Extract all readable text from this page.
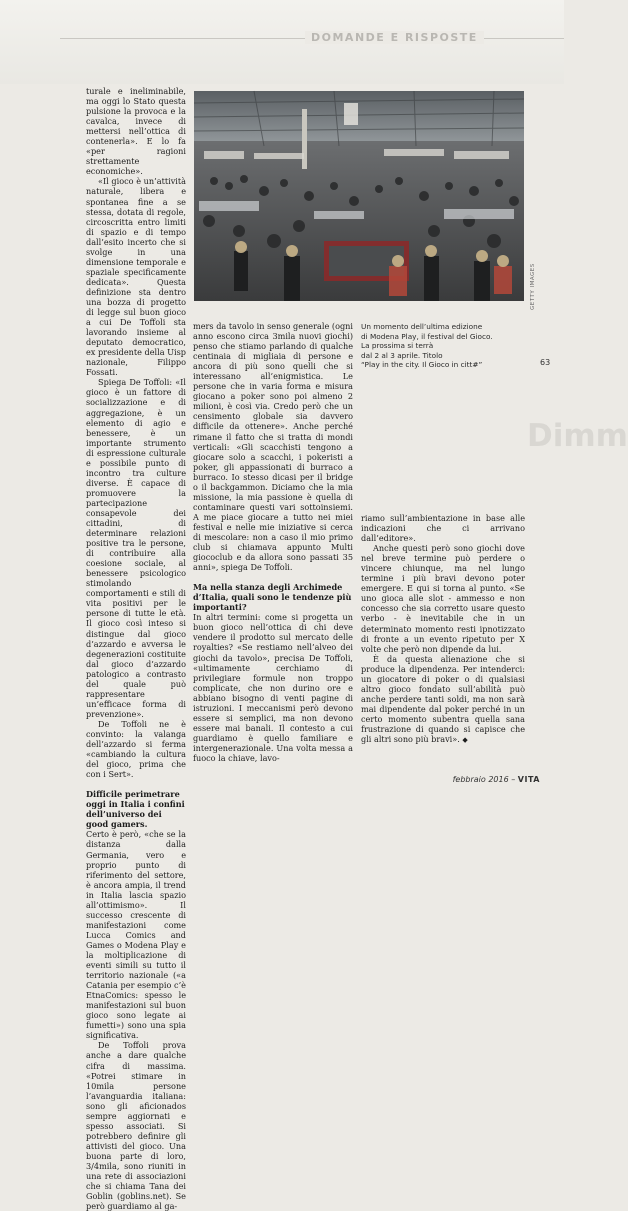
DOMANDE E RISPOSTE

turale e ineliminabile, ma oggi lo Stato questa pulsione la provoca e la cavalca, invece di mettersi nell’ottica di contenerla». E lo fa «per ragioni strettamente economiche».

«Il gioco è un’attività naturale, libera e spontanea fine a se stessa, dotata di regole, circoscritta entro limiti di spazio e di tempo dall’esito incerto che si svolge in una dimensione temporale e spaziale specificamente dedicata». Questa definizione sta dentro una bozza di progetto di legge sul buon gioco a cui De Toffoli sta lavorando insieme al deputato democratico, ex presidente della Uisp nazionale, Filippo Fossati.

Spiega De Toffoli: «Il gioco è un fattore di socializzazione e di aggregazione, è un elemento di agio e benessere, è un importante strumento di espressione culturale e possibile punto di incontro tra culture diverse. È capace di promuovere la partecipazione consapevole dei cittadini, di determinare relazioni positive tra le persone, di contribuire alla coesione sociale, al benessere psicologico stimolando comportamenti e stili di vita positivi per le persone di tutte le età. Il gioco così inteso si distingue dal gioco d’azzardo e avversa le degenerazioni costituite dal gioco d’azzardo patologico a contrasto del quale può rappresentare un’efficace forma di prevenzione».

De Toffoli ne è convinto: la valanga dell’azzardo si ferma «cambiando la cultura del gioco, prima che con i Sert».

Difficile perimetrare oggi in Italia i confini dell’universo dei good gamers.

Certo è però, «che se la distanza dalla Germania, vero e proprio punto di riferimento del settore, è ancora ampia, il trend in Italia lascia spazio all’ottimismo». Il successo crescente di manifestazioni come Lucca Comics and Games o Modena Play e la moltiplicazione di eventi simili su tutto il territorio nazionale («a Catania per esempio c’è EtnaComics: spesso le manifestazioni sul buon gioco sono legate ai fumetti») sono una spia significativa.

De Toffoli prova anche a dare qualche cifra di massima. «Potrei stimare in 10mila persone l’avanguardia italiana: sono gli aficionados sempre aggiornati e spesso associati. Si potrebbero definire gli attivisti del gioco. Una buona parte di loro, 3/4mila, sono riuniti in una rete di associazioni che si chiama Tana dei Goblin (goblins.net). Se però guardiamo al ga-

GETTY IMAGES
Un momento dell’ultima edizione
di Modena Play, il festival del Gioco.
La prossima si terrà
dal 2 al 3 aprile. Titolo
“Play in the city. Il Gioco in citt#”	63
Dimm

mers da tavolo in senso generale (ogni anno escono circa 3mila nuovi giochi) penso che stiamo parlando di qualche centinaia di migliaia di persone e ancora di più sono quelli che si interessano all’enigmistica. Le persone che in varia forma e misura giocano a poker sono poi almeno 2 milioni, è così via. Credo però che un censimento globale sia davvero difficile da ottenere». Anche perché rimane il fatto che si tratta di mondi verticali: «Gli scacchisti tengono a giocare solo a scacchi, i pokeristi a poker, gli appassionati di burraco a burraco. Io stesso dicasi per il bridge o il backgammon. Diciamo che la mia missione, la mia passione è quella di contaminare questi vari sottoinsiemi. A me piace giocare a tutto nei miei festival e nelle mie iniziative si cerca di mescolare: non a caso il mio primo club si chiamava appunto Multi giococlub e da allora sono passati 35 anni», spiega De Toffoli.

Ma nella stanza degli Archimede d’Italia, quali sono le tendenze più importanti?

In altri termini: come si progetta un buon gioco nell’ottica di chi deve vendere il prodotto sul mercato delle royalties? «Se restiamo nell’alveo dei giochi da tavolo», precisa De Toffoli, «ultimamente cerchiamo di privilegiare formule non troppo complicate, che non durino ore e abbiano bisogno di venti pagine di istruzioni. I meccanismi però devono essere si semplici, ma non devono essere mai banali. Il contesto a cui guardiamo è quello familiare e intergenerazionale. Una volta messa a fuoco la chiave, lavo-

riamo sull’ambientazione in base alle indicazioni che ci arrivano dall’editore».

Anche questi però sono giochi dove nel breve termine può perdere o vincere chiunque, ma nel lungo termine i più bravi devono poter emergere. E qui si torna al punto. «Se uno gioca alle slot - ammesso e non concesso che sia corretto usare questo verbo - è inevitabile che in un determinato momento resti ipnotizzato di fronte a un evento ripetuto per X volte che però non dipende da lui.

È da questa alienazione che si produce la dipendenza. Per intenderci: un giocatore di poker o di qualsiasi altro gioco fondato sull’abilità può anche perdere tanti soldi, ma non sarà mai dipendente dal poker perché in un certo momento subentra quella sana frustrazione di quando si capisce che gli altri sono più bravi». ◆

febbraio 2016 – VITA
